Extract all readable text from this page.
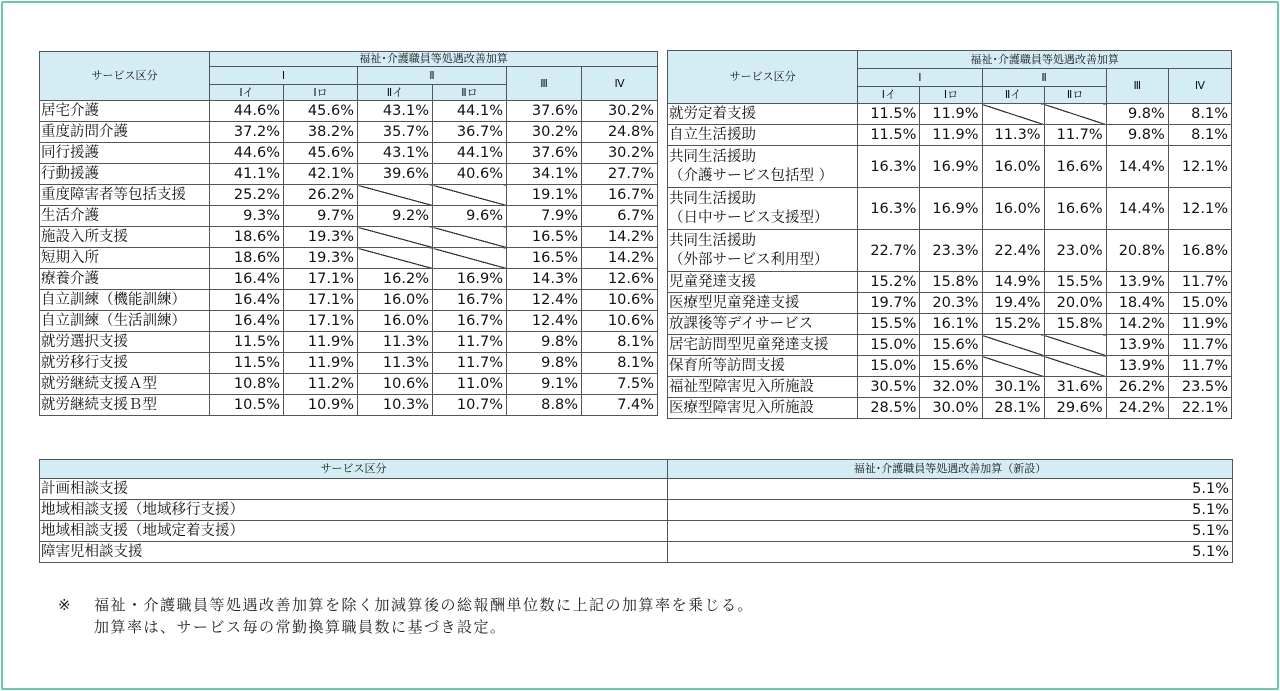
サービス区分	福祉･介護職員等処遇改善加算					
	Ⅰ		Ⅱ		Ⅲ	Ⅳ
	Ⅰイ	Ⅰロ	Ⅱイ	Ⅱロ		
居宅介護	44.6%	45.6%	43.1%	44.1%	37.6%	30.2%
重度訪問介護	37.2%	38.2%	35.7%	36.7%	30.2%	24.8%
同行援護	44.6%	45.6%	43.1%	44.1%	37.6%	30.2%
行動援護	41.1%	42.1%	39.6%	40.6%	34.1%	27.7%
重度障害者等包括支援	25.2%	26.2%			19.1%	16.7%
生活介護	9.3%	9.7%	9.2%	9.6%	7.9%	6.7%
施設入所支援	18.6%	19.3%			16.5%	14.2%
短期入所	18.6%	19.3%			16.5%	14.2%
療養介護	16.4%	17.1%	16.2%	16.9%	14.3%	12.6%
自立訓練（機能訓練）	16.4%	17.1%	16.0%	16.7%	12.4%	10.6%
自立訓練（生活訓練）	16.4%	17.1%	16.0%	16.7%	12.4%	10.6%
就労選択支援	11.5%	11.9%	11.3%	11.7%	9.8%	8.1%
就労移行支援	11.5%	11.9%	11.3%	11.7%	9.8%	8.1%
就労継続支援Ａ型	10.8%	11.2%	10.6%	11.0%	9.1%	7.5%
就労継続支援Ｂ型	10.5%	10.9%	10.3%	10.7%	8.8%	7.4%
サービス区分	福祉･介護職員等処遇改善加算					
	Ⅰ		Ⅱ		Ⅲ	Ⅳ
	Ⅰイ	Ⅰロ	Ⅱイ	Ⅱロ		
就労定着支援	11.5%	11.9%			9.8%	8.1%
自立生活援助	11.5%	11.9%	11.3%	11.7%	9.8%	8.1%
共同生活援助
（介護サービス包括型 ）	16.3%	16.9%	16.0%	16.6%	14.4%	12.1%
共同生活援助
（日中サービス支援型）	16.3%	16.9%	16.0%	16.6%	14.4%	12.1%
共同生活援助
（外部サービス利用型）	22.7%	23.3%	22.4%	23.0%	20.8%	16.8%
児童発達支援	15.2%	15.8%	14.9%	15.5%	13.9%	11.7%
医療型児童発達支援	19.7%	20.3%	19.4%	20.0%	18.4%	15.0%
放課後等デイサービス	15.5%	16.1%	15.2%	15.8%	14.2%	11.9%
居宅訪問型児童発達支援	15.0%	15.6%			13.9%	11.7%
保育所等訪問支援	15.0%	15.6%			13.9%	11.7%
福祉型障害児入所施設	30.5%	32.0%	30.1%	31.6%	26.2%	23.5%
医療型障害児入所施設	28.5%	30.0%	28.1%	29.6%	24.2%	22.1%
サービス区分	福祉･介護職員等処遇改善加算（新設）
計画相談支援	5.1%
地域相談支援（地域移行支援）	5.1%
地域相談支援（地域定着支援）	5.1%
障害児相談支援	5.1%
※ 福祉・介護職員等処遇改善加算を除く加減算後の総報酬単位数に上記の加算率を乗じる。
加算率は、サービス毎の常勤換算職員数に基づき設定。
